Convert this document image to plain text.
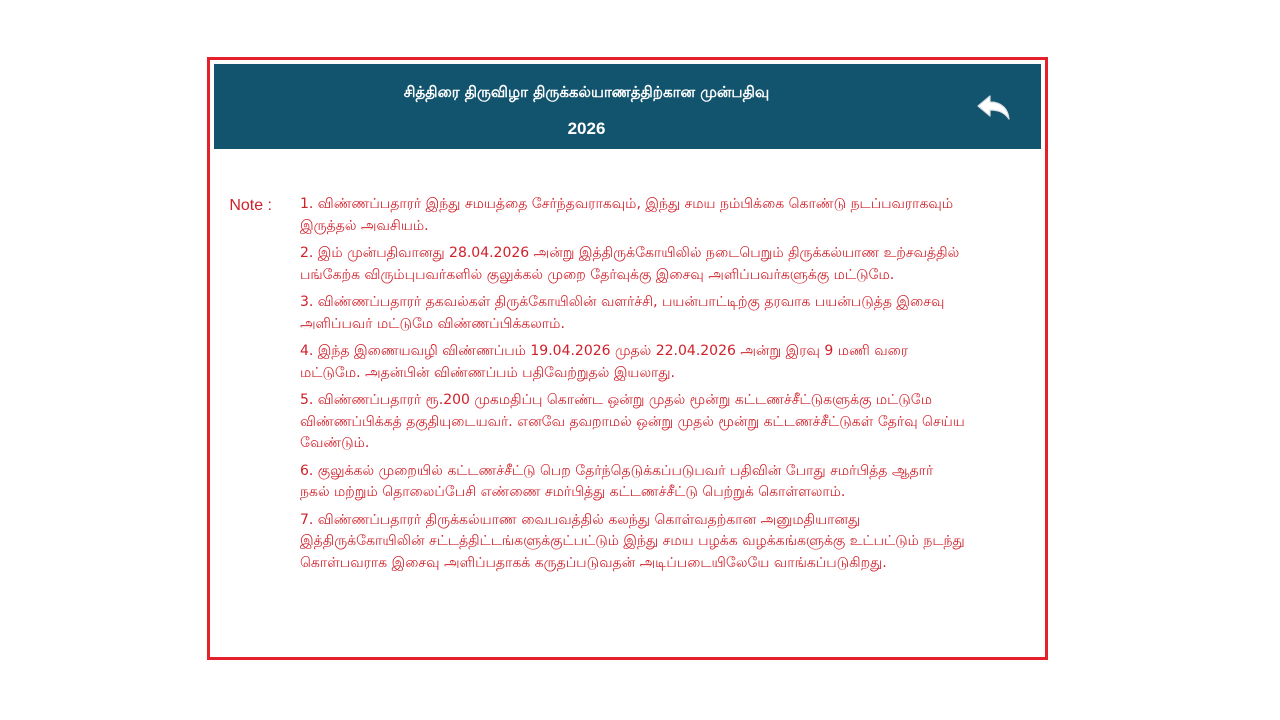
சித்திரை திருவிழா திருக்கல்யாணத்திற்கான முன்பதிவு
2026
Note : 1. விண்ணப்பதாரர் இந்து சமயத்தை சேர்ந்தவராகவும், இந்து சமய நம்பிக்கை கொண்டு நடப்பவராகவும் இருத்தல் அவசியம்.
2. இம் முன்பதிவானது 28.04.2026 அன்று இத்திருக்கோயிலில் நடைபெறும் திருக்கல்யாண உற்சவத்தில் பங்கேற்க விரும்புபவர்களில் குலுக்கல் முறை தேர்வுக்கு இசைவு அளிப்பவர்களுக்கு மட்டுமே.
3. விண்ணப்பதாரர் தகவல்கள் திருக்கோயிலின் வளர்ச்சி, பயன்பாட்டிற்கு தரவாக பயன்படுத்த இசைவு அளிப்பவர் மட்டுமே விண்ணப்பிக்கலாம்.
4. இந்த இணையவழி விண்ணப்பம் 19.04.2026 முதல் 22.04.2026 அன்று இரவு 9 மணி வரை மட்டுமே. அதன்பின் விண்ணப்பம் பதிவேற்றுதல் இயலாது.
5. விண்ணப்பதாரர் ரூ.200 முகமதிப்பு கொண்ட ஒன்று முதல் மூன்று கட்டணச்சீட்டுகளுக்கு மட்டுமே விண்ணப்பிக்கத் தகுதியுடையவர். எனவே தவறாமல் ஒன்று முதல் மூன்று கட்டணச்சீட்டுகள் தேர்வு செய்ய வேண்டும்.
6. குலுக்கல் முறையில் கட்டணச்சீட்டு பெற தேர்ந்தெடுக்கப்படுபவர் பதிவின் போது சமர்பித்த ஆதார் நகல் மற்றும் தொலைப்பேசி எண்ணை சமர்பித்து கட்டணச்சீட்டு பெற்றுக் கொள்ளலாம்.
7. விண்ணப்பதாரர் திருக்கல்யாண வைபவத்தில் கலந்து கொள்வதற்கான அனுமதியானது இத்திருக்கோயிலின் சட்டத்திட்டங்களுக்குட்பட்டும் இந்து சமய பழக்க வழக்கங்களுக்கு உட்பட்டும் நடந்து கொள்பவராக இசைவு அளிப்பதாகக் கருதப்படுவதன் அடிப்படையிலேயே வாங்கப்படுகிறது.
